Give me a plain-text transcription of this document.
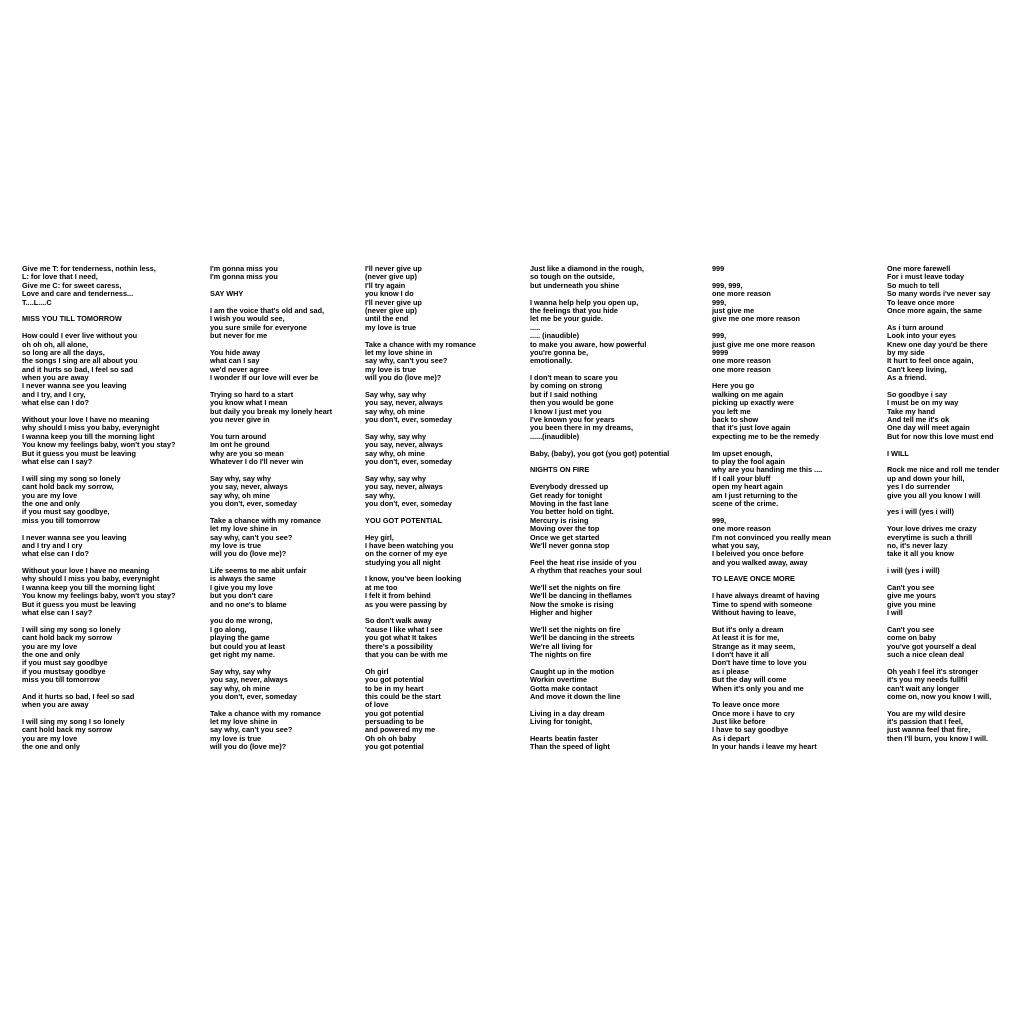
Give me T: for tenderness, nothin less,
L: for love that I need,
Give me C: for sweet caress,
Love and care and tenderness...
T....L....C
MISS YOU TILL TOMORROW
How could I ever live without you
oh oh oh, all alone,
so long are all the days,
the songs I sing are all about you
and it hurts so bad, I feel so sad
when you are away
I never wanna see you leaving
and I try, and I cry,
what else can I do?
Without your love I have no meaning
why should I miss you baby, everynight
I wanna keep you till the morning light
You know my feelings baby, won't you stay?
But it guess you must be leaving
what else can I say?
I will sing my song so lonely
cant hold back my sorrow,
you are my love
the one and only
if you must say goodbye,
miss you till tomorrow
I never wanna see you leaving
and I try and I cry
what else can I do?
Without your love I have no meaning
why should I miss you baby, everynight
I wanna keep you till the morning light
You know my feelings baby, won't you stay?
But it guess you must be leaving
what else can I say?
I will sing my song so lonely
cant hold back my sorrow
you are my love
the one and only
if you must say goodbye
if you mustsay goodbye
miss you till tomorrow
And it hurts so bad, I feel so sad
when you are away
I will sing my song I so lonely
cant hold back my sorrow
you are my love
the one and only
I'm gonna miss you
I'm gonna miss you
SAY WHY
I am the voice that's old and sad,
I wish you would see,
you sure smile for everyone
but never for me
You hide away
what can I say
we'd never agree
I wonder If our love will ever be
Trying so hard to a start
you know what I mean
but daily you break my lonely heart
you never give in
You turn around
Im ont he ground
why are you so mean
Whatever I do I'll never win
Say why, say why
you say, never, always
say why, oh mine
you don't, ever, someday
Take a chance with my romance
let my love shine in
say why, can't you see?
my love is true
will you do (love me)?
Life seems to me abit unfair
is always the same
I give you my love
but you don't care
and no one's to blame
you do me wrong,
I go along,
playing the game
but could you at least
get right my name.
Say why, say why
you say, never, always
say why, oh mine
you don't, ever, someday
Take a chance with my romance
let my love shine in
say why, can't you see?
my love is true
will you do (love me)?
I'll never give up
(never give up)
I'll try again
you know I do
I'll never give up
(never give up)
until the end
my love is true
Take a chance with my romance
let my love shine in
say why, can't you see?
my love is true
will you do (love me)?
Say why, say why
you say, never, always
say why, oh mine
you don't, ever, someday
Say why, say why
you say, never, always
say why, oh mine
you don't, ever, someday
Say why, say why
you say, never, always
say why,
you don't, ever, someday
YOU GOT POTENTIAL
Hey girl,
I have been watching you
on the corner of my eye
studying you all night
I know, you've been looking
at me too
I felt it from behind
as you were passing by
So don't walk away
'cause I like what I see
you got what It takes
there's a possibility
that you can be with me
Oh girl
you got potential
to be in my heart
this could be the start
of love
you got potential
persuading to be
and powered my me
Oh oh oh baby
you got potential
Just like a diamond in the rough,
so tough on the outside,
but underneath you shine
I wanna help help you open up,
the feelings that you hide
let me be your guide.
.....
..... (inaudible)
to make you aware, how powerful
you're gonna be,
emotionally.
I don't mean to scare you
by coming on strong
but if I said nothing
then you would be gone
I know I just met you
I've known you for years
you been there in my dreams,
......(inaudible)
Baby, (baby), you got (you got) potential
NIGHTS ON FIRE
Everybody dressed up
Get ready for tonight
Moving in the fast lane
You better hold on tight.
Mercury is rising
Moving over the top
Once we get started
We'll never gonna stop
Feel the heat rise inside of you
A rhythm that reaches your soul
We'll set the nights on fire
We'll be dancing in theflames
Now the smoke is rising
Higher and higher
We'll set the nights on fire
We'll be dancing in the streets
We're all living for
The nights on fire
Caught up in the motion
Workin overtime
Gotta make contact
And move it down the line
Living in a day dream
Living for tonight,
Hearts beatin faster
Than the speed of light
999
999, 999,
one more reason
999,
just give me
give me one more reason
999,
just give me one more reason
9999
one more reason
one more reason
Here you go
walking on me again
picking up exactly were
you left me
back to show
that it's just love again
expecting me to be the remedy
Im upset enough,
to play the fool again
why are you handing me this ....
If I call your bluff
open my heart again
am I just returning to the
scene of the crime.
999,
one more reason
I'm not convinced you really mean
what you say,
I beleived you once before
and you walked away, away
TO LEAVE ONCE MORE
I have always dreamt of having
Time to spend with someone
Without having to leave,
But it's only a dream
At least it is for me,
Strange as it may seem,
I don't have it all
Don't have time to love you
as i please
But the day will come
When it's only you and me
To leave once more
Once more i have to cry
Just like before
I have to say goodbye
As i depart
In your hands i leave my heart
One more farewell
For i must leave today
So much to tell
So many words i've never say
To leave once more
Once more again, the same
As i turn around
Look into your eyes
Knew one day you'd be there
by my side
It hurt to feel once again,
Can't keep living,
As a friend.
So goodbye i say
I must be on my way
Take my hand
And tell me it's ok
One day will meet again
But for now this love must end
I WILL
Rock me nice and roll me tender
up and down your hill,
yes I do surrender
give you all you know I will
yes i will (yes i will)
Your love drives me crazy
everytime is such a thrill
no, it's never lazy
take it all you know
i will (yes i will)
Can't you see
give me yours
give you mine
I will
Can't you see
come on baby
you've got yourself a deal
such a nice clean deal
Oh yeah I feel it's stronger
it's you my needs fullfil
can't wait any longer
come on, now you know I will,
You are my wild desire
it's passion that I feel,
just wanna feel that fire,
then I'll burn, you know I will.
